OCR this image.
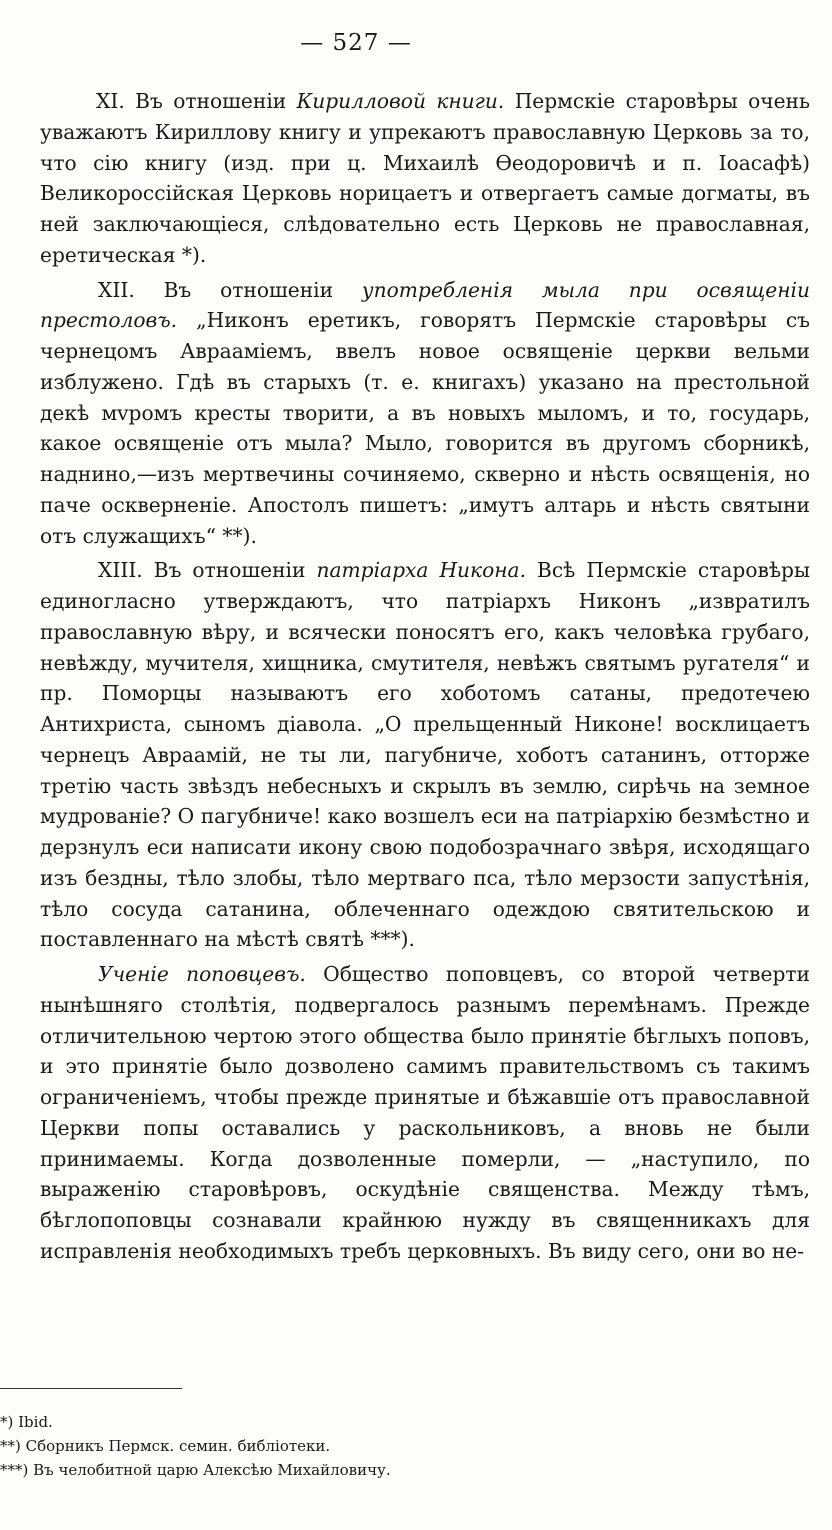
— 527 —

XI. Въ отношеніи Кирилловой книги. Пермскіе старовѣры очень уважаютъ Кириллову книгу и упрекаютъ православную Церковь за то, что сію книгу (изд. при ц. Михаилѣ Ѳеодоровичѣ и п. Іоасафѣ) Великороссійская Церковь норицаетъ и отвергаетъ самые догматы, въ ней заключающіеся, слѣдовательно есть Церковь не православная, еретическая *).

XII. Въ отношеніи употребленія мыла при освященіи престоловъ. „Никонъ еретикъ, говорятъ Пермскіе старовѣры съ чернецомъ Авраамiемъ, ввелъ новое освященіе церкви вельми изблужено. Гдѣ въ старыхъ (т. е. книгахъ) указано на престольной декѣ мvромъ кресты творити, а въ новыхъ мыломъ, и то, государь, какое освященіе отъ мыла? Мыло, говорится въ другомъ сборникѣ, наднино,—изъ мертвечины сочиняемо, скверно и нѣсть освященія, но паче оскверненіе. Апостолъ пишетъ: „имутъ алтарь и нѣсть святыни отъ служащихъ“ **).

XIII. Въ отношеніи патріарха Никона. Всѣ Пермскіе старовѣры единогласно утверждаютъ, что патріархъ Никонъ „извратилъ православную вѣру, и всячески поносятъ его, какъ человѣка грубаго, невѣжду, мучителя, хищника, смутителя, невѣжъ святымъ ругателя“ и пр. Поморцы называютъ его хоботомъ сатаны, предотечею Антихриста, сыномъ діавола. „О прельщенный Никоне! восклицаетъ чернецъ Авраамій, не ты ли, пагубниче, хоботъ сатанинъ, отторже третію часть звѣздъ небесныхъ и скрылъ въ землю, сирѣчь на земное мудрованіе? О пагубниче! како возшелъ еси на патріархію безмѣстно и дерзнулъ еси написати икону свою подобозрачнаго звѣря, исходящаго изъ бездны, тѣло злобы, тѣло мертваго пса, тѣло мерзости запустѣнія, тѣло сосуда сатанина, облеченнаго одеждою святительскою и поставленнаго на мѣстѣ святѣ ***).

Ученіе поповцевъ. Общество поповцевъ, со второй четверти нынѣшняго столѣтія, подвергалось разнымъ перемѣнамъ. Прежде отличительною чертою этого общества было принятіе бѣглыхъ поповъ, и это принятіе было дозволено самимъ правительствомъ съ такимъ ограниченіемъ, чтобы прежде принятые и бѣжавшіе отъ православной Церкви попы оставались у раскольниковъ, а вновь не были принимаемы. Когда дозволенные померли, — „наступило, по выраженію старовѣровъ, оскудѣніе священства. Между тѣмъ, бѣглопоповцы сознавали крайнюю нужду въ священникахъ для исправленія необходимыхъ требъ церковныхъ. Въ виду сего, они во не-

*) Ibid.
**) Сборникъ Пермск. семин. библіотеки.
***) Въ челобитной царю Алексѣю Михайловичу.
